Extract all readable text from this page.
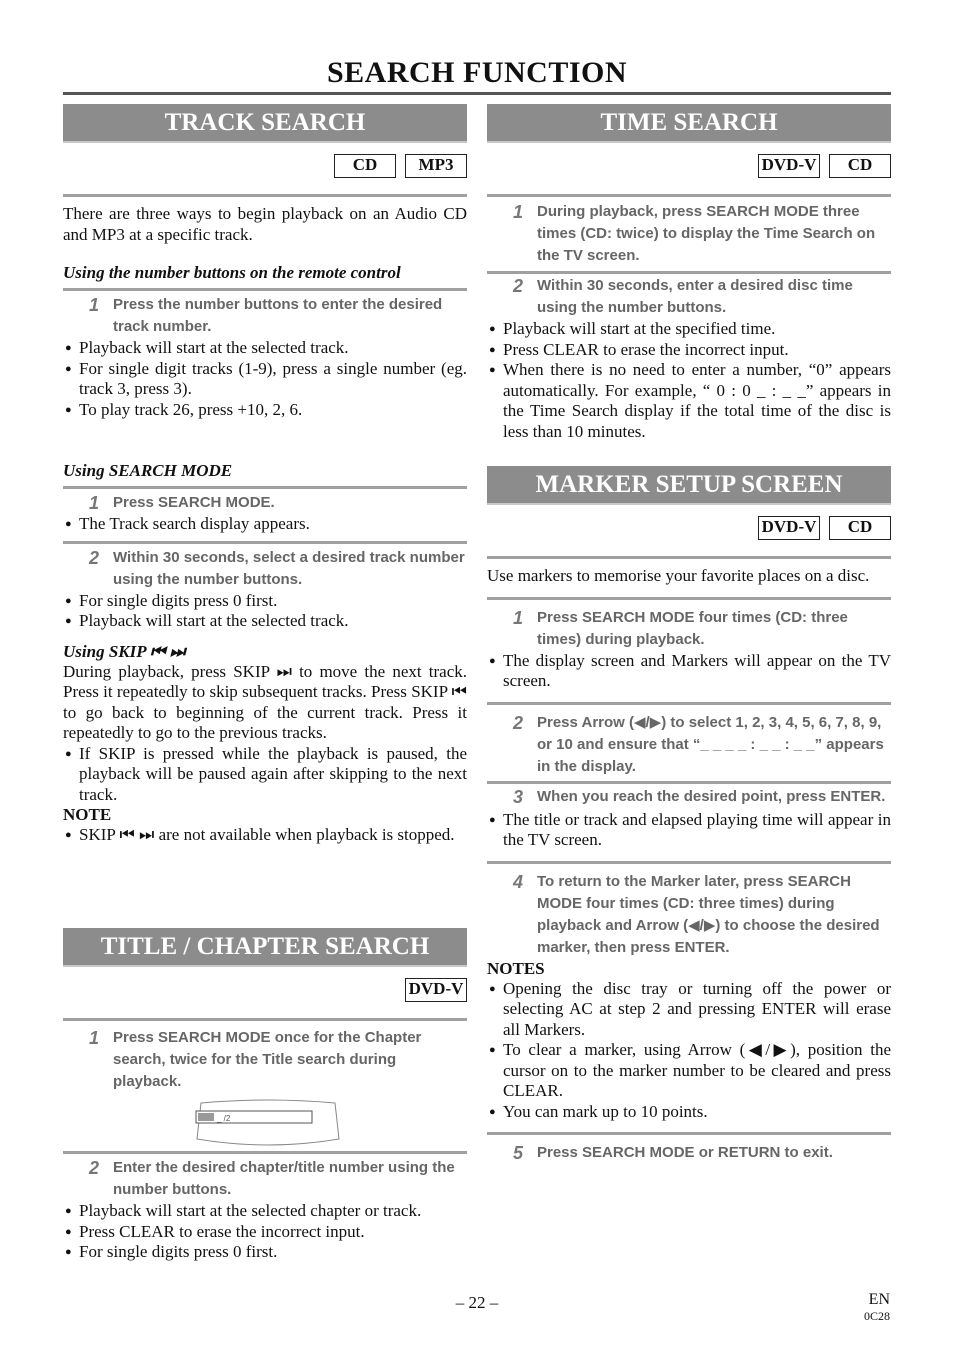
SEARCH FUNCTION
TRACK SEARCH
CD	MP3

There are three ways to begin playback on an Audio CD and MP3 at a specific track.

Using the number buttons on the remote control

1 Press the number buttons to enter the desired track number.
● Playback will start at the selected track.
● For single digit tracks (1-9), press a single number (eg. track 3, press 3).
● To play track 26, press +10, 2, 6.

Using SEARCH MODE

1 Press SEARCH MODE.
● The Track search display appears.
2 Within 30 seconds, select a desired track number using the number buttons.
● For single digits press 0 first.
● Playback will start at the selected track.

Using SKIP ⏮ ⏭

During playback, press SKIP ⏭ to move the next track. Press it repeatedly to skip subsequent tracks. Press SKIP ⏮ to go back to beginning of the current track. Press it repeatedly to go to the previous tracks.

● If SKIP is pressed while the playback is paused, the playback will be paused again after skipping to the next track.

NOTE

● SKIP ⏮ ⏭ are not available when playback is stopped.
TITLE / CHAPTER SEARCH
DVD-V
1 Press SEARCH MODE once for the Chapter search, twice for the Title search during playback.
_ /2
2 Enter the desired chapter/title number using the number buttons.
● Playback will start at the selected chapter or track.
● Press CLEAR to erase the incorrect input.
● For single digits press 0 first.
TIME SEARCH
DVD-V	CD
1 During playback, press SEARCH MODE three times (CD: twice) to display the Time Search on the TV screen.
2 Within 30 seconds, enter a desired disc time using the number buttons.
● Playback will start at the specified time.
● Press CLEAR to erase the incorrect input.
● When there is no need to enter a number, “0” appears automatically. For example, “ 0 : 0 _ : _ _” appears in the Time Search display if the total time of the disc is less than 10 minutes.
MARKER SETUP SCREEN
DVD-V	CD

Use markers to memorise your favorite places on a disc.

1 Press SEARCH MODE four times (CD: three times) during playback.
● The display screen and Markers will appear on the TV screen.
2 Press Arrow (◀/▶) to select 1, 2, 3, 4, 5, 6, 7, 8, 9, or 10 and ensure that “_ _ _ _ : _ _ : _ _” appears in the display.
3 When you reach the desired point, press ENTER.
● The title or track and elapsed playing time will appear in the TV screen.
4 To return to the Marker later, press SEARCH MODE four times (CD: three times) during playback and Arrow (◀/▶) to choose the desired marker, then press ENTER.

NOTES

● Opening the disc tray or turning off the power or selecting AC at step 2 and pressing ENTER will erase all Markers.
● To clear a marker, using Arrow (◀/▶), position the cursor on to the marker number to be cleared and press CLEAR.
● You can mark up to 10 points.
5 Press SEARCH MODE or RETURN to exit.
– 22 –	EN
0C28
